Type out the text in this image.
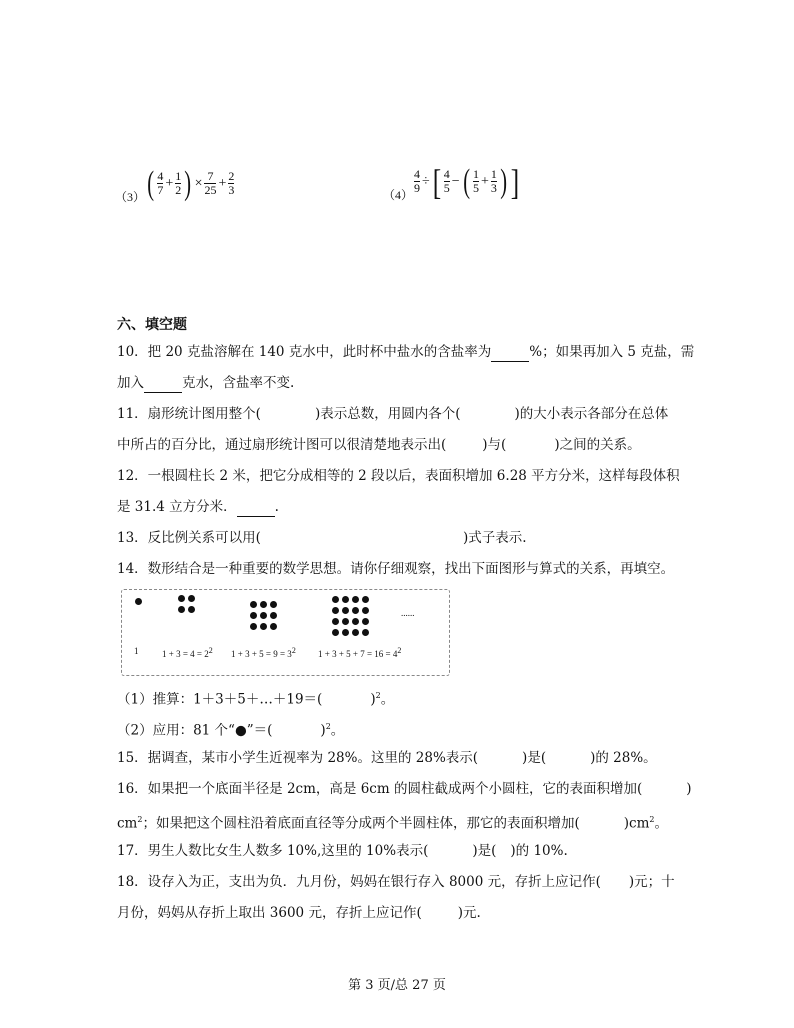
（3） ( $\frac{4}{7} + \frac{1}{2}$ ) × $\frac{7}{25} + \frac{2}{3}$	$(4) \frac{4}{9}$ ÷ [ $\frac{4}{5}$ − ( $\frac{1}{5} + \frac{1}{3}$ ) ]
六、填空题
10．把 20 克盐溶解在 140 克水中，此时杯中盐水的含盐率为	%；如果再加入 5 克盐，需
加入	克水，含盐率不变.
11．扇形统计图用整个(	)表示总数，用圆内各个(	)的大小表示各部分在总体
中所占的百分比，通过扇形统计图可以很清楚地表示出(	)与(	)之间的关系。
12．一根圆柱长 2 米，把它分成相等的 2 段以后，表面积增加 6.28 平方分米，这样每段体积
是 31.4 立方分米．	.
13．反比例关系可以用(	)式子表示.
14．数形结合是一种重要的数学思想。请你仔细观察，找出下面图形与算式的关系，再填空。
......
1	$1 + 3 = 4 = 2^2$ $1 + 3 + 5 = 9 = 3^2$ $1 + 3 + 5 + 7 = 16 = 4^2$
（1）推算：1＋3＋5＋…＋19＝(	)$^2$。
（2）应用：81 个“●”＝(	)$^2$。
15．据调查，某市小学生近视率为 28%。这里的 28%表示(	)是(	)的 28%。
16．如果把一个底面半径是 2cm，高是 6cm 的圆柱截成两个小圆柱，它的表面积增加(	)
$cm^2$；如果把这个圆柱沿着底面直径等分成两个半圆柱体，那它的表面积增加(	)$cm^2$。
17．男生人数比女生人数多 10%,这里的 10%表示(	)是( )的 10%.
18．设存入为正，支出为负．九月份，妈妈在银行存入 8000 元，存折上应记作( )元；十
月份，妈妈从存折上取出 3600 元，存折上应记作(	)元.
第 3 页/总 27 页
